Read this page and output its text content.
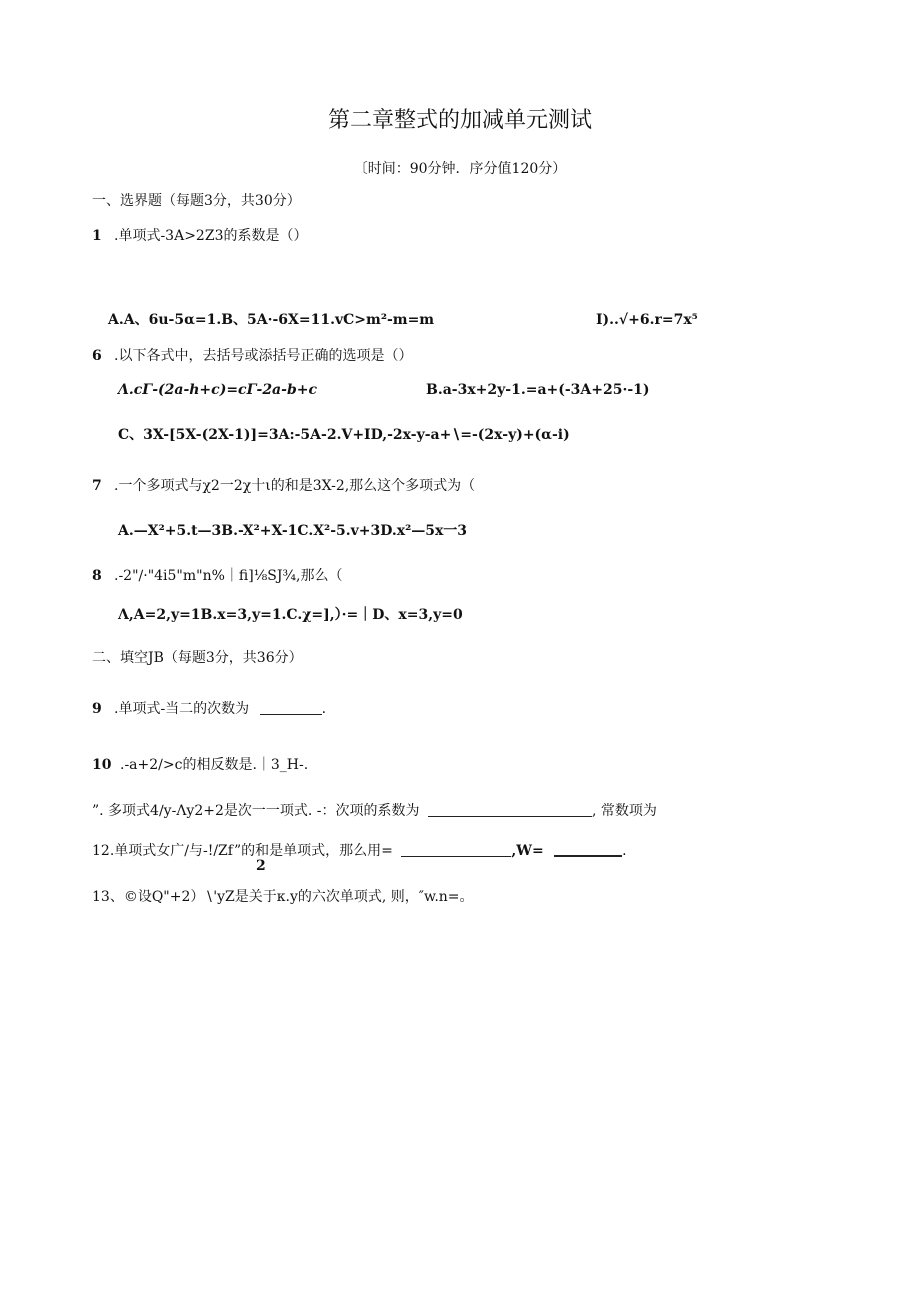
第二章整式的加减单元测试
〔时间：90分钟．序分值120分）
一、选界题（每题3分，共30分）
1 .单项式-3A>2Z3的系数是（）
A.A、6u-5α=1.B、5A·-6X=11.vC>m²-m=m	I)..√+6.r=7x⁵
6 .以下各式中，去括号或添括号正确的选项是（）
Λ.cΓ-(2a-h+c)=cΓ-2a-b+c	B.a-3x+2y-1.=a+(-3A+25·-1)
C、3X-[5X-(2X-1)]=3A:-5A-2.V+ID,-2x-y-a+∖=-(2x-y)+(α-i)
7 .一个多项式与χ2一2χ十ι的和是3X-2,那么这个多项式为（
A.—X²+5.t—3B.-X²+X-1C.X²-5.v+3D.x²—5x一3
8 .-2"∕·"4i5"m"n%｜fi]⅛SJ¾,那么（
Λ,A=2,y=1B.x=3,y=1.C.χ=],）·=｜D、x=3,y=0
二、填空JB（每题3分，共36分）
9 .单项式-当二的次数为	.
10 .-a+2∕>c的相反数是.｜3_H-.
”. 多项式4∕y-Λy2+2是次一一项式. -：次项的系数为	, 常数项为
12.单项式女广∕与-!/Zf”的和是单项式，那么用=	,W=	.
2
13、©设Q"+2）∖'yZ是关于κ.y的六次单项式, 则，″w.n=。
